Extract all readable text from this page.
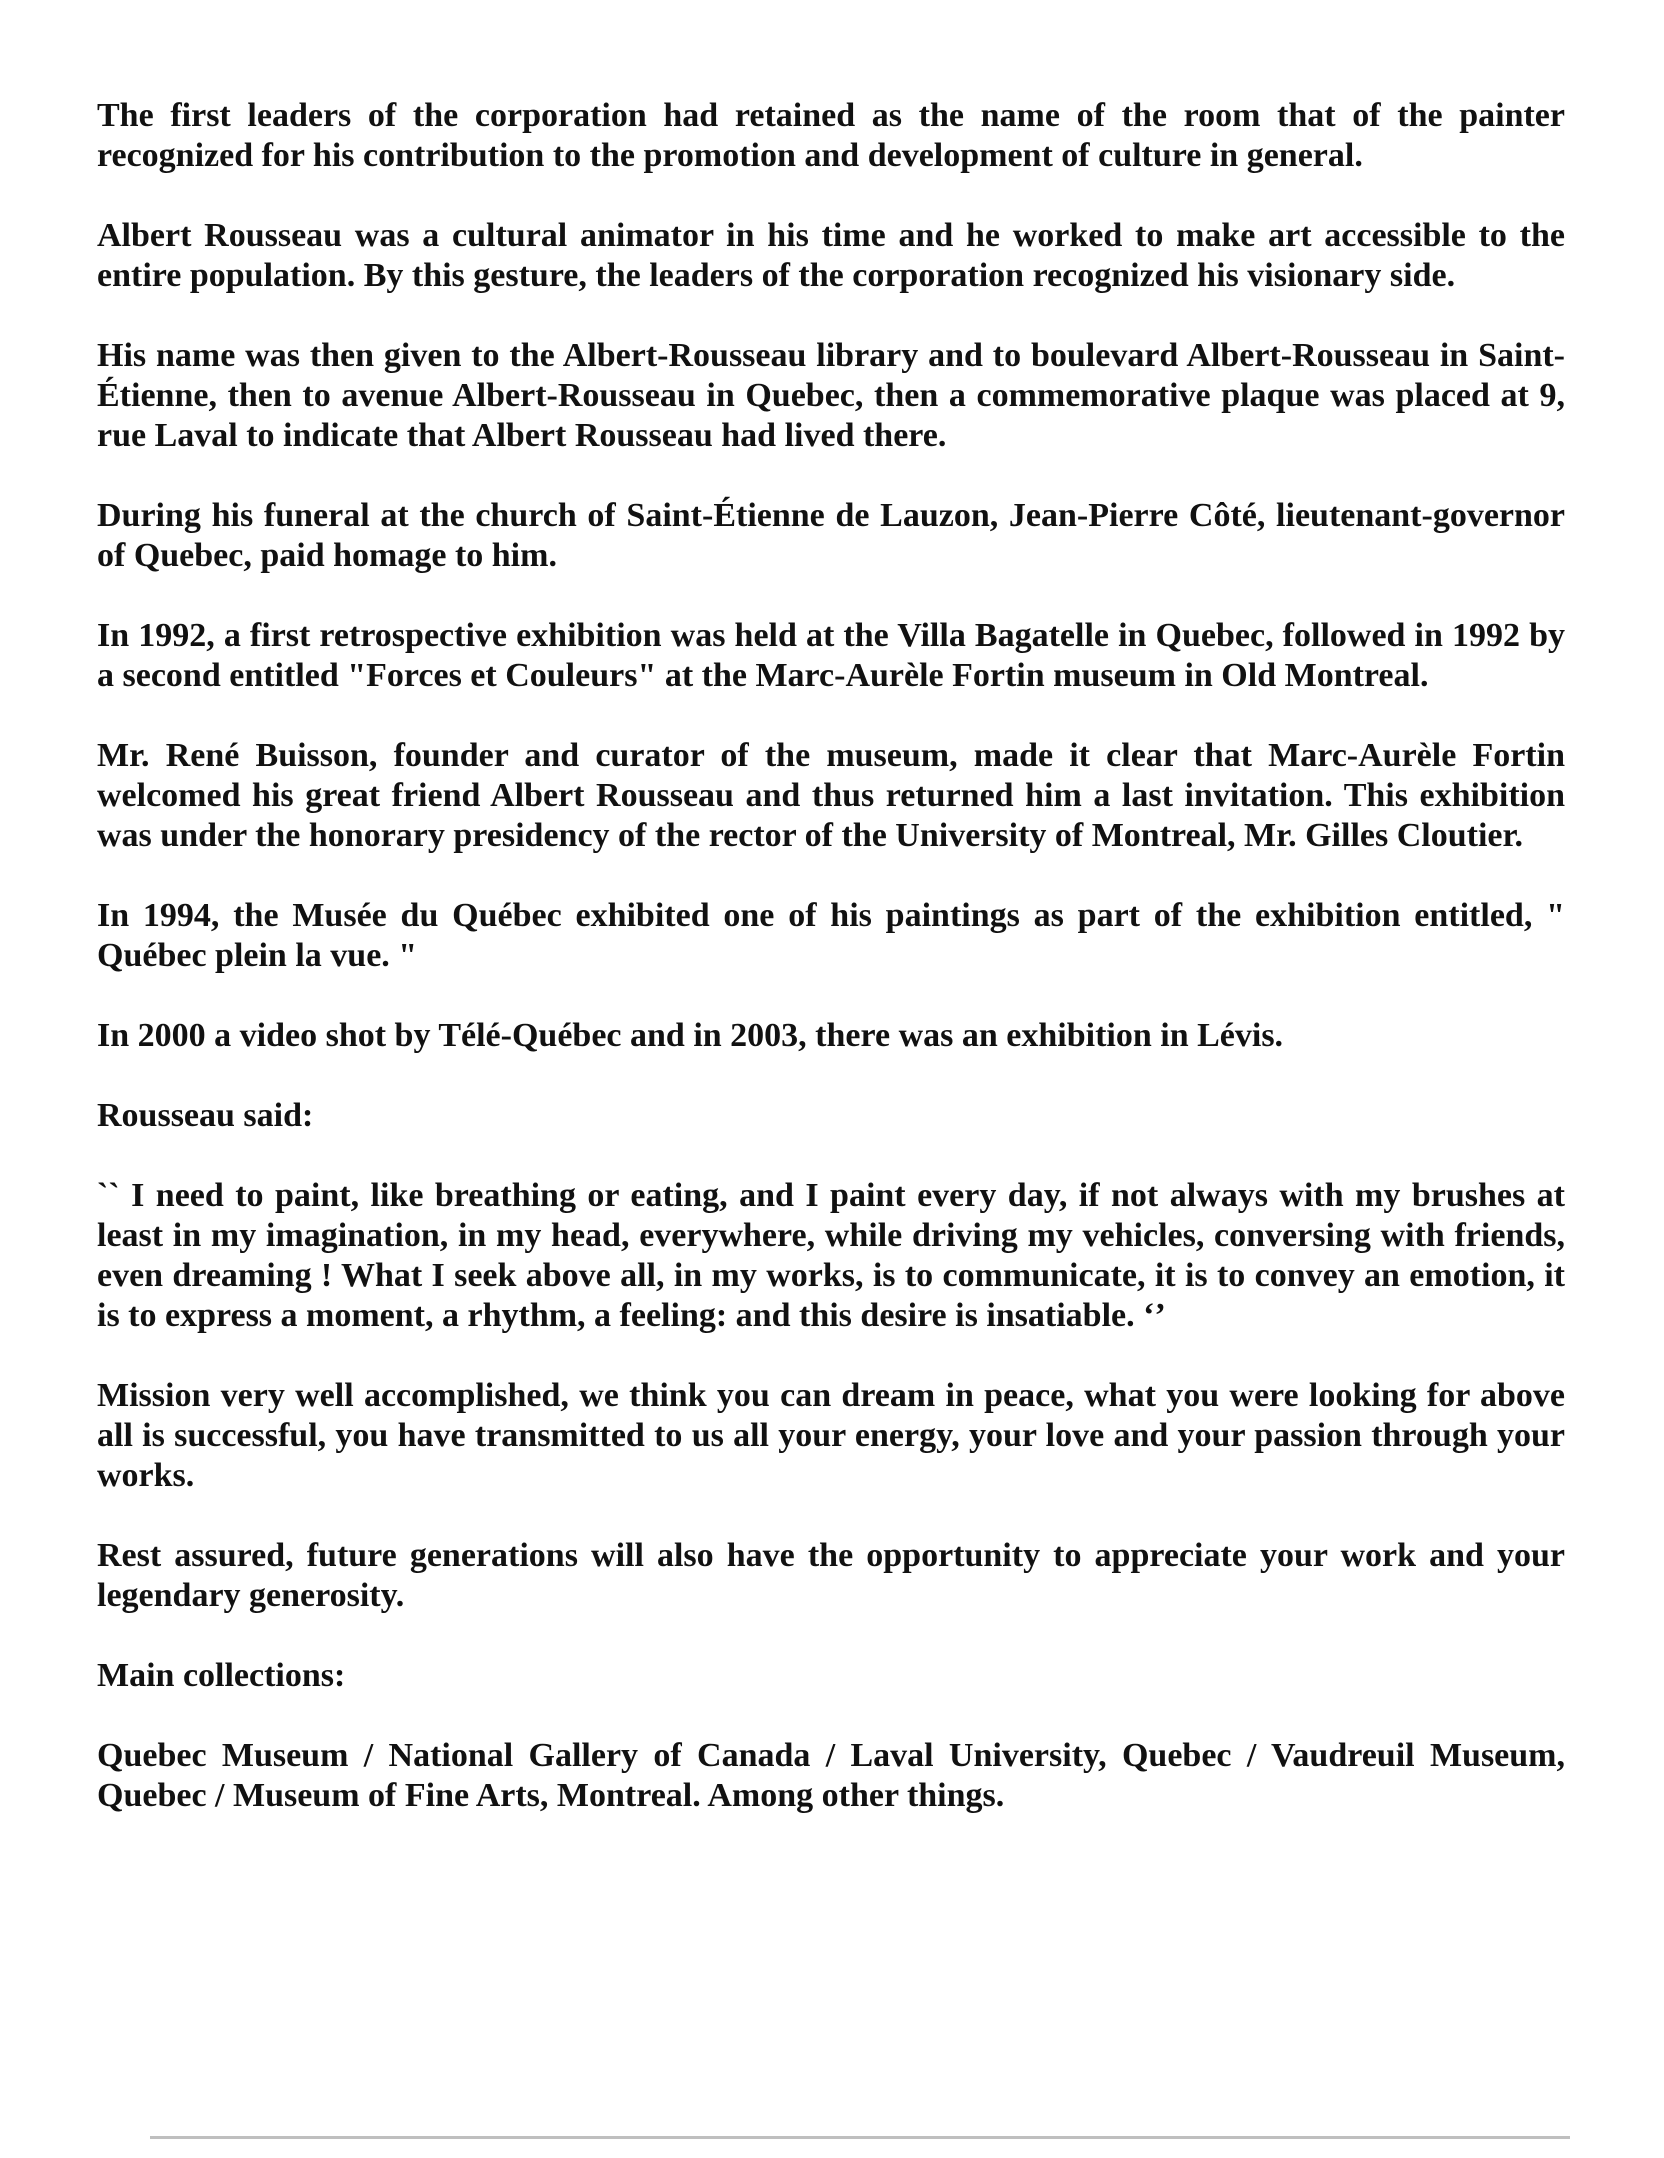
The first leaders of the corporation had retained as the name of the room that of the painter recognized for his contribution to the promotion and development of culture in general.

Albert Rousseau was a cultural animator in his time and he worked to make art accessible to the entire population. By this gesture, the leaders of the corporation recognized his visionary side.

His name was then given to the Albert-Rousseau library and to boulevard Albert-Rousseau in Saint-Étienne, then to avenue Albert-Rousseau in Quebec, then a commemorative plaque was placed at 9, rue Laval to indicate that Albert Rousseau had lived there.

During his funeral at the church of Saint-Étienne de Lauzon, Jean-Pierre Côté, lieutenant-governor of Quebec, paid homage to him.

In 1992, a first retrospective exhibition was held at the Villa Bagatelle in Quebec, followed in 1992 by a second entitled "Forces et Couleurs" at the Marc-Aurèle Fortin museum in Old Montreal.

Mr. René Buisson, founder and curator of the museum, made it clear that Marc-Aurèle Fortin welcomed his great friend Albert Rousseau and thus returned him a last invitation. This exhibition was under the honorary presidency of the rector of the University of Montreal, Mr. Gilles Cloutier.

In 1994, the Musée du Québec exhibited one of his paintings as part of the exhibition entitled, " Québec plein la vue. "

In 2000 a video shot by Télé-Québec and in 2003, there was an exhibition in Lévis.

Rousseau said:

`` I need to paint, like breathing or eating, and I paint every day, if not always with my brushes at least in my imagination, in my head, everywhere, while driving my vehicles, conversing with friends, even dreaming ! What I seek above all, in my works, is to communicate, it is to convey an emotion, it is to express a moment, a rhythm, a feeling: and this desire is insatiable. ‘’

Mission very well accomplished, we think you can dream in peace, what you were looking for above all is successful, you have transmitted to us all your energy, your love and your passion through your works.

Rest assured, future generations will also have the opportunity to appreciate your work and your legendary generosity.

Main collections:

Quebec Museum / National Gallery of Canada / Laval University, Quebec / Vaudreuil Museum, Quebec / Museum of Fine Arts, Montreal. Among other things.
